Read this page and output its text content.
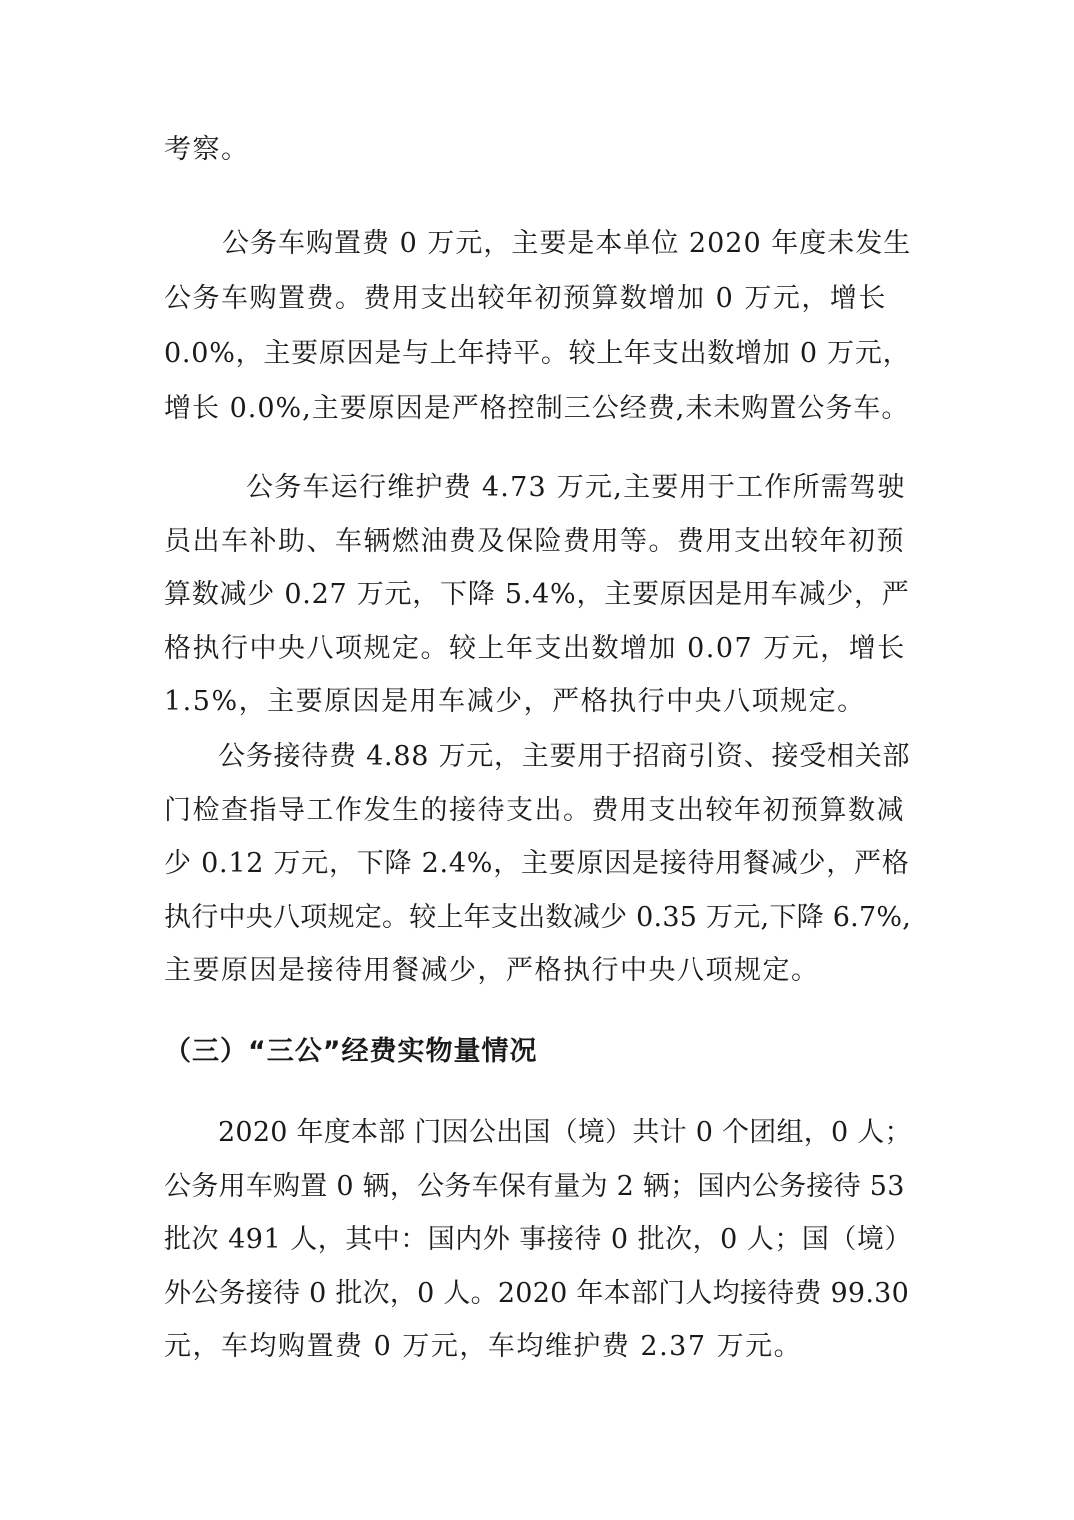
考察。
公务车购置费 0 万元，主要是本单位 2020 年度未发生
公务车购置费。费用支出较年初预算数增加 0 万元，增长
0.0%，主要原因是与上年持平。较上年支出数增加 0 万元，
增长 0.0%,主要原因是严格控制三公经费,未未购置公务车。
公务车运行维护费 4.73 万元,主要用于工作所需驾驶
员出车补助、车辆燃油费及保险费用等。费用支出较年初预
算数减少 0.27 万元，下降 5.4%，主要原因是用车减少，严
格执行中央八项规定。较上年支出数增加 0.07 万元，增长
1.5%，主要原因是用车减少，严格执行中央八项规定。
公务接待费 4.88 万元，主要用于招商引资、接受相关部
门检查指导工作发生的接待支出。费用支出较年初预算数减
少 0.12 万元，下降 2.4%，主要原因是接待用餐减少，严格
执行中央八项规定。较上年支出数减少 0.35 万元,下降 6.7%,
主要原因是接待用餐减少，严格执行中央八项规定。
（三）“三公”经费实物量情况
2020 年度本部 门因公出国（境）共计 0 个团组，0 人；
公务用车购置 0 辆，公务车保有量为 2 辆；国内公务接待 53
批次 491 人，其中：国内外 事接待 0 批次，0 人；国（境）
外公务接待 0 批次，0 人。2020 年本部门人均接待费 99.30
元，车均购置费 0 万元，车均维护费 2.37 万元。
